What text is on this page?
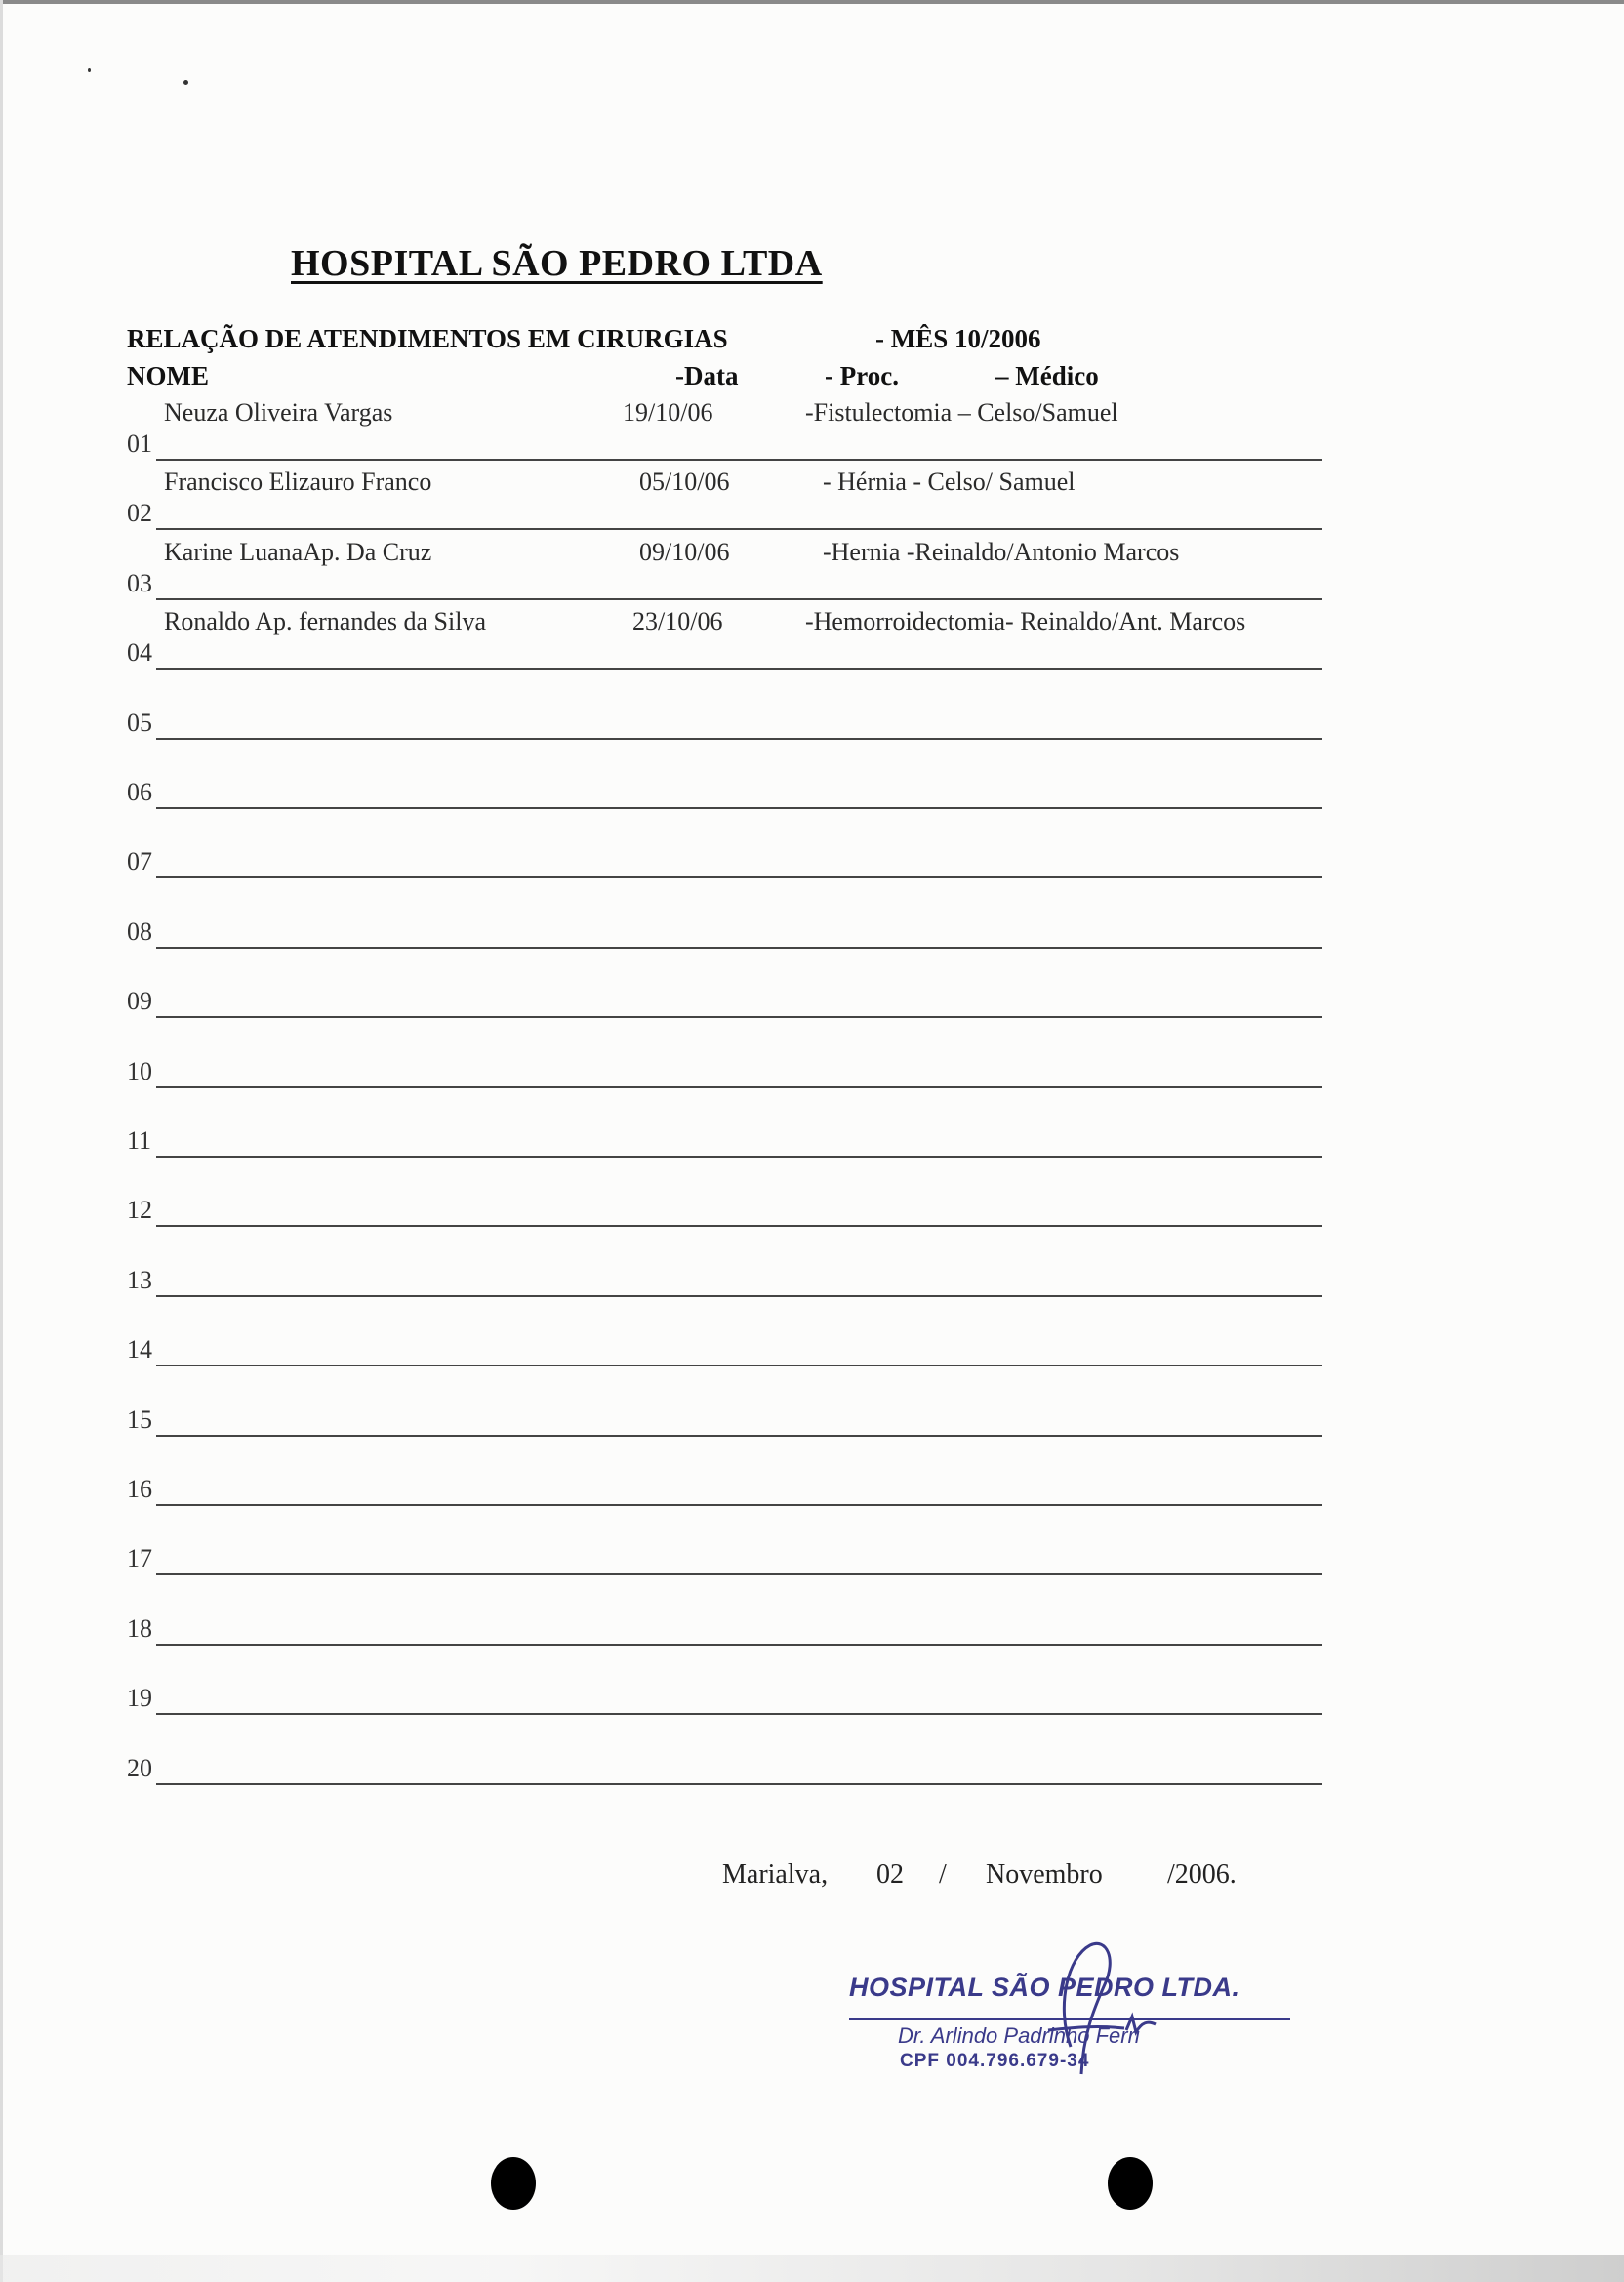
HOSPITAL SÃO PEDRO LTDA
RELAÇÃO DE ATENDIMENTOS EM CIRURGIAS	- MÊS 10/2006
NOME	-Data	- Proc.	– Médico
01
Neuza Oliveira Vargas	19/10/06	-Fistulectomia – Celso/Samuel
02
Francisco Elizauro Franco	05/10/06	- Hérnia - Celso/ Samuel
03
Karine LuanaAp. Da Cruz	09/10/06	-Hernia -Reinaldo/Antonio Marcos
04
Ronaldo Ap. fernandes da Silva	23/10/06	-Hemorroidectomia- Reinaldo/Ant. Marcos
05
06
07
08
09
10
11
12
13
14
15
16
17
18
19
20
Marialva, 02 / Novembro /2006.
HOSPITAL SÃO PEDRO LTDA.
Dr. Arlindo Padrinho Ferri
CPF 004.796.679-34
